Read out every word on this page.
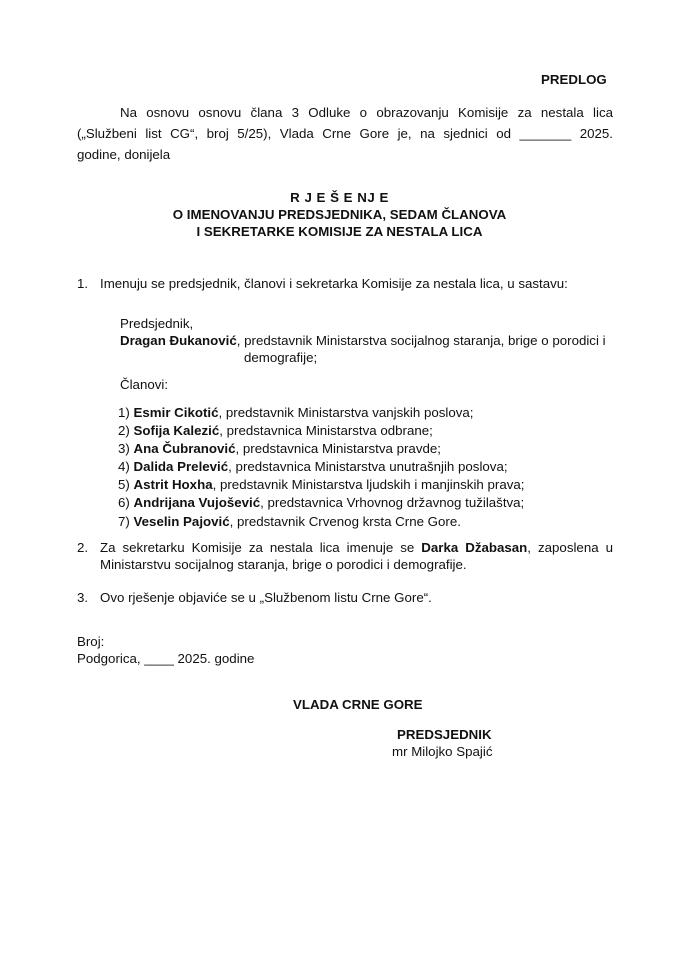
PREDLOG
Na osnovu osnovu člana 3 Odluke o obrazovanju Komisije za nestala lica
(„Službeni list CG“, broj 5/25), Vlada Crne Gore je, na sjednici od _______ 2025.
godine, donijela
R J E Š E NJ E
O IMENOVANJU PREDSJEDNIKA, SEDAM ČLANOVA
I SEKRETARKE KOMISIJE ZA NESTALA LICA
1. Imenuju se predsjednik, članovi i sekretarka Komisije za nestala lica, u sastavu:
Predsjednik,
Dragan Đukanović, predstavnik Ministarstva socijalnog staranja, brige o porodici i
demografije;
Članovi:
1) Esmir Cikotić, predstavnik Ministarstva vanjskih poslova;
2) Sofija Kalezić, predstavnica Ministarstva odbrane;
3) Ana Čubranović, predstavnica Ministarstva pravde;
4) Dalida Prelević, predstavnica Ministarstva unutrašnjih poslova;
5) Astrit Hoxha, predstavnik Ministarstva ljudskih i manjinskih prava;
6) Andrijana Vujošević, predstavnica Vrhovnog državnog tužilaštva;
7) Veselin Pajović, predstavnik Crvenog krsta Crne Gore.
2. Za sekretarku Komisije za nestala lica imenuje se Darka Džabasan, zaposlena u
Ministarstvu socijalnog staranja, brige o porodici i demografije.
3. Ovo rješenje objaviće se u „Službenom listu Crne Gore“.
Broj:
Podgorica, ____ 2025. godine
VLADA CRNE GORE
PREDSJEDNIK
mr Milojko Spajić
